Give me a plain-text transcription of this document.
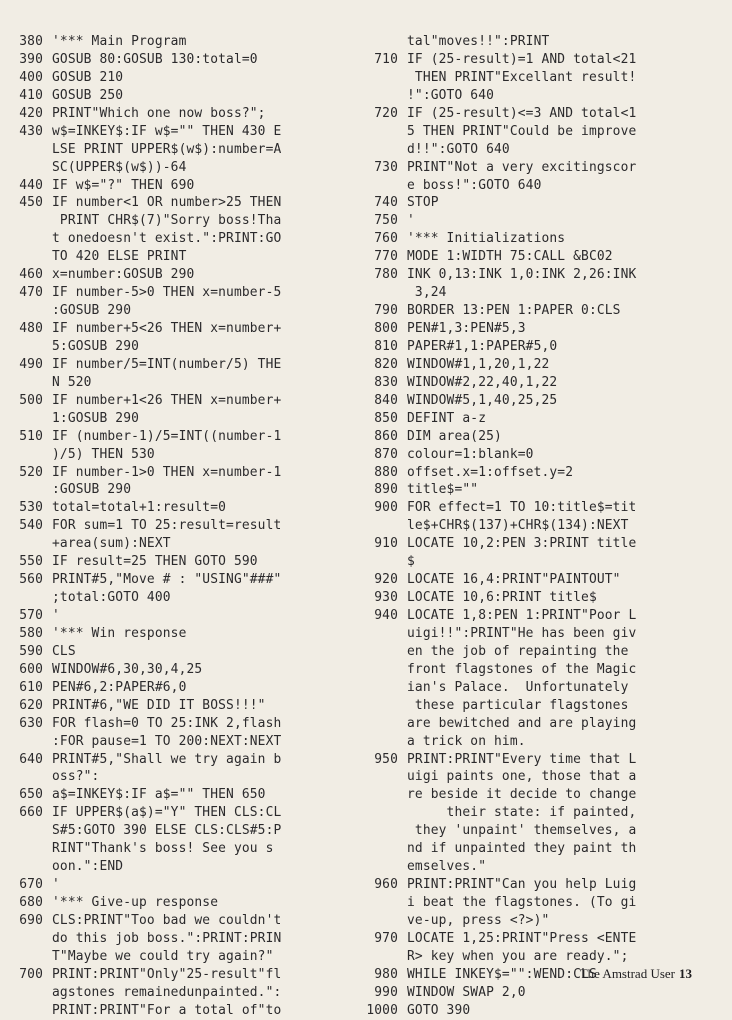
380 '*** Main Program
390 GOSUB 80:GOSUB 130:total=0
400 GOSUB 210
410 GOSUB 250
420 PRINT"Which one now boss?";
430 w$=INKEY$:IF w$="" THEN 430 E
LSE PRINT UPPER$(w$):number=A
SC(UPPER$(w$))-64
440 IF w$="?" THEN 690
450 IF number<1 OR number>25 THEN
PRINT CHR$(7)"Sorry boss!Tha
t onedoesn't exist.":PRINT:GO
TO 420 ELSE PRINT
460 x=number:GOSUB 290
470 IF number-5>0 THEN x=number-5
:GOSUB 290
480 IF number+5<26 THEN x=number+
5:GOSUB 290
490 IF number/5=INT(number/5) THE
N 520
500 IF number+1<26 THEN x=number+
1:GOSUB 290
510 IF (number-1)/5=INT((number-1
)/5) THEN 530
520 IF number-1>0 THEN x=number-1
:GOSUB 290
530 total=total+1:result=0
540 FOR sum=1 TO 25:result=result
+area(sum):NEXT
550 IF result=25 THEN GOTO 590
560 PRINT#5,"Move # : "USING"###"
;total:GOTO 400
570 '
580 '*** Win response
590 CLS
600 WINDOW#6,30,30,4,25
610 PEN#6,2:PAPER#6,0
620 PRINT#6,"WE DID IT BOSS!!!"
630 FOR flash=0 TO 25:INK 2,flash
:FOR pause=1 TO 200:NEXT:NEXT
640 PRINT#5,"Shall we try again b
oss?":
650 a$=INKEY$:IF a$="" THEN 650
660 IF UPPER$(a$)="Y" THEN CLS:CL
S#5:GOTO 390 ELSE CLS:CLS#5:P
RINT"Thank's boss! See you s
oon.":END
670 '
680 '*** Give-up response
690 CLS:PRINT"Too bad we couldn't
do this job boss.":PRINT:PRIN
T"Maybe we could try again?"
700 PRINT:PRINT"Only"25-result"fl
agstones remainedunpainted.":
PRINT:PRINT"For a total of"to
tal"moves!!":PRINT
710 IF (25-result)=1 AND total<21
THEN PRINT"Excellant result!
!":GOTO 640
720 IF (25-result)<=3 AND total<1
5 THEN PRINT"Could be improve
d!!":GOTO 640
730 PRINT"Not a very excitingscor
e boss!":GOTO 640
740 STOP
750 '
760 '*** Initializations
770 MODE 1:WIDTH 75:CALL &BC02
780 INK 0,13:INK 1,0:INK 2,26:INK
3,24
790 BORDER 13:PEN 1:PAPER 0:CLS
800 PEN#1,3:PEN#5,3
810 PAPER#1,1:PAPER#5,0
820 WINDOW#1,1,20,1,22
830 WINDOW#2,22,40,1,22
840 WINDOW#5,1,40,25,25
850 DEFINT a-z
860 DIM area(25)
870 colour=1:blank=0
880 offset.x=1:offset.y=2
890 title$=""
900 FOR effect=1 TO 10:title$=tit
le$+CHR$(137)+CHR$(134):NEXT
910 LOCATE 10,2:PEN 3:PRINT title
$
920 LOCATE 16,4:PRINT"PAINTOUT"
930 LOCATE 10,6:PRINT title$
940 LOCATE 1,8:PEN 1:PRINT"Poor L
uigi!!":PRINT"He has been giv
en the job of repainting the
front flagstones of the Magic
ian's Palace.  Unfortunately
these particular flagstones
are bewitched and are playing
a trick on him.
950 PRINT:PRINT"Every time that L
uigi paints one, those that a
re beside it decide to change
their state: if painted,
they 'unpaint' themselves, a
nd if unpainted they paint th
emselves."
960 PRINT:PRINT"Can you help Luig
i beat the flagstones. (To gi
ve-up, press <?>)"
970 LOCATE 1,25:PRINT"Press <ENTE
R> key when you are ready.";
980 WHILE INKEY$="":WEND:CLS
990 WINDOW SWAP 2,0
1000 GOTO 390
The Amstrad User 13
